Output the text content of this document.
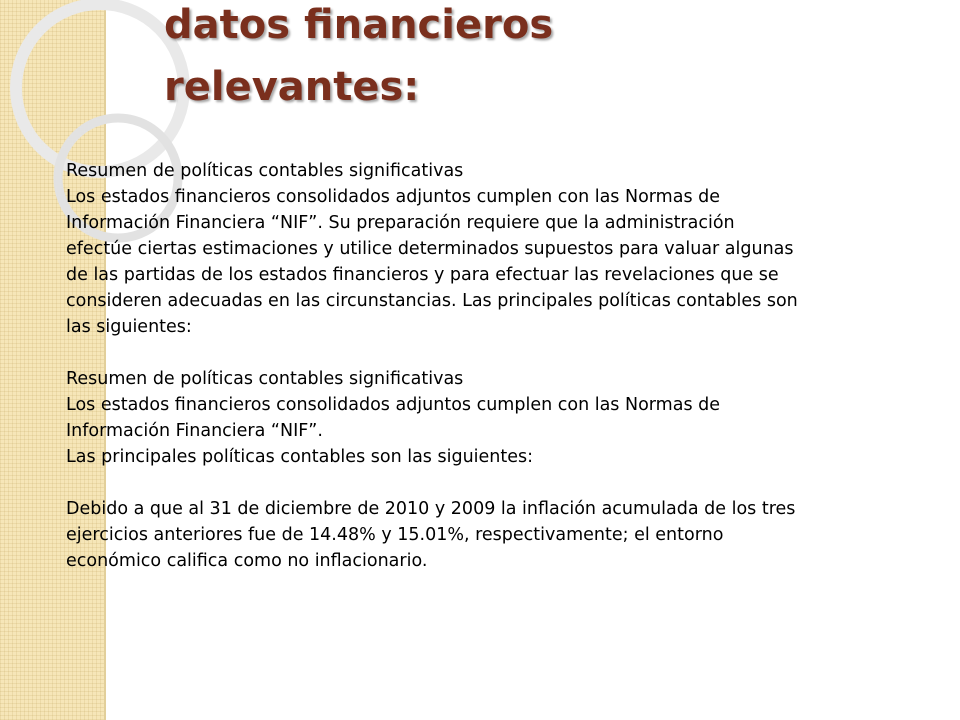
datos financieros
relevantes:

Resumen de políticas contables significativas

Los estados financieros consolidados adjuntos cumplen con las Normas de

Información Financiera “NIF”. Su preparación requiere que la administración

efectúe ciertas estimaciones y utilice determinados supuestos para valuar algunas

de las partidas de los estados financieros y para efectuar las revelaciones que se

consideren adecuadas en las circunstancias. Las principales políticas contables son

las siguientes:

Resumen de políticas contables significativas

Los estados financieros consolidados adjuntos cumplen con las Normas de

Información Financiera “NIF”.

Las principales políticas contables son las siguientes:

Debido a que al 31 de diciembre de 2010 y 2009 la inflación acumulada de los tres

ejercicios anteriores fue de 14.48% y 15.01%, respectivamente; el entorno

económico califica como no inflacionario.
